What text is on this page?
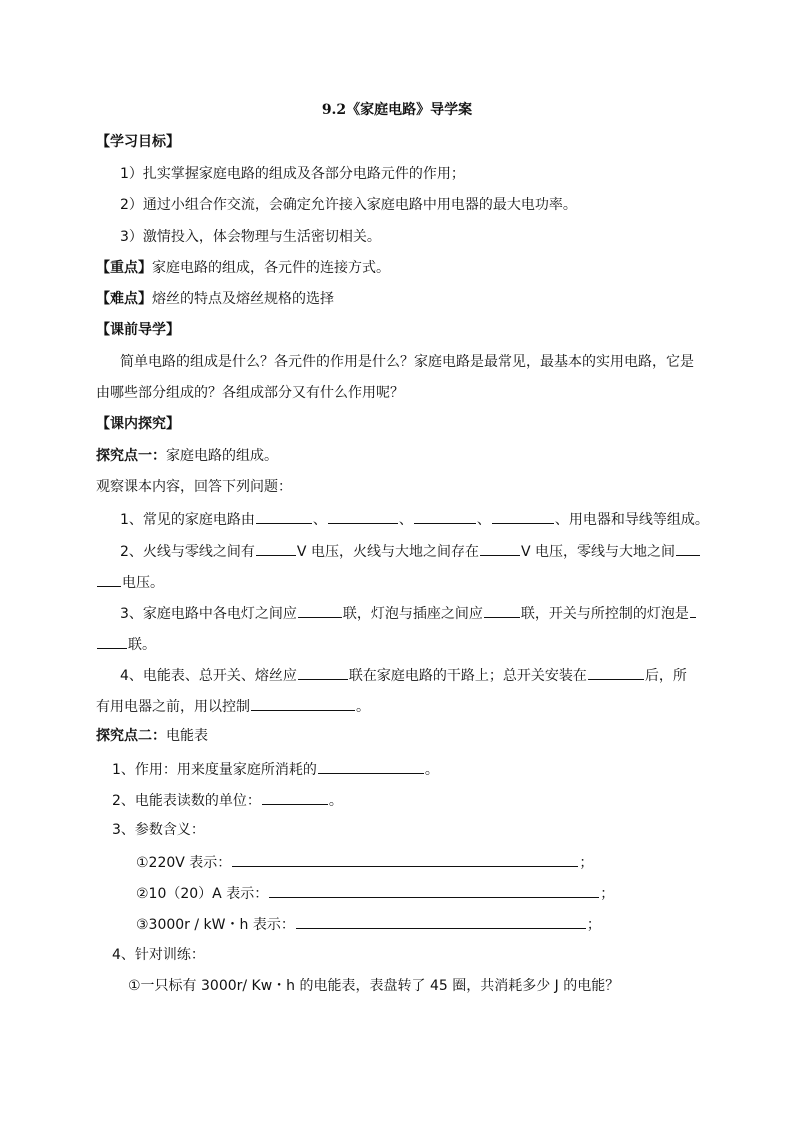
9.2《家庭电路》导学案
【学习目标】
1）扎实掌握家庭电路的组成及各部分电路元件的作用；
2）通过小组合作交流，会确定允许接入家庭电路中用电器的最大电功率。
3）激情投入，体会物理与生活密切相关。
【重点】家庭电路的组成，各元件的连接方式。
【难点】熔丝的特点及熔丝规格的选择
【课前导学】
简单电路的组成是什么？各元件的作用是什么？家庭电路是最常见，最基本的实用电路，它是
由哪些部分组成的？各组成部分又有什么作用呢？
【课内探究】
探究点一：家庭电路的组成。
观察课本内容，回答下列问题：
1、常见的家庭电路由	、	、	、	、用电器和导线等组成。
2、火线与零线之间有	V 电压，火线与大地之间存在	V 电压，零线与大地之间
电压。
3、家庭电路中各电灯之间应	联，灯泡与插座之间应	联，开关与所控制的灯泡是
联。
4、电能表、总开关、熔丝应	联在家庭电路的干路上；总开关安装在	后，所
有用电器之前，用以控制	。
探究点二：电能表
1、作用：用来度量家庭所消耗的	。
2、电能表读数的单位：	。
3、参数含义：
①220V 表示：	；
②10（20）A 表示：	；
③3000r / kW・h 表示：	；
4、针对训练：
①一只标有 3000r/ Kw・h 的电能表，表盘转了 45 圈，共消耗多少 J 的电能？
